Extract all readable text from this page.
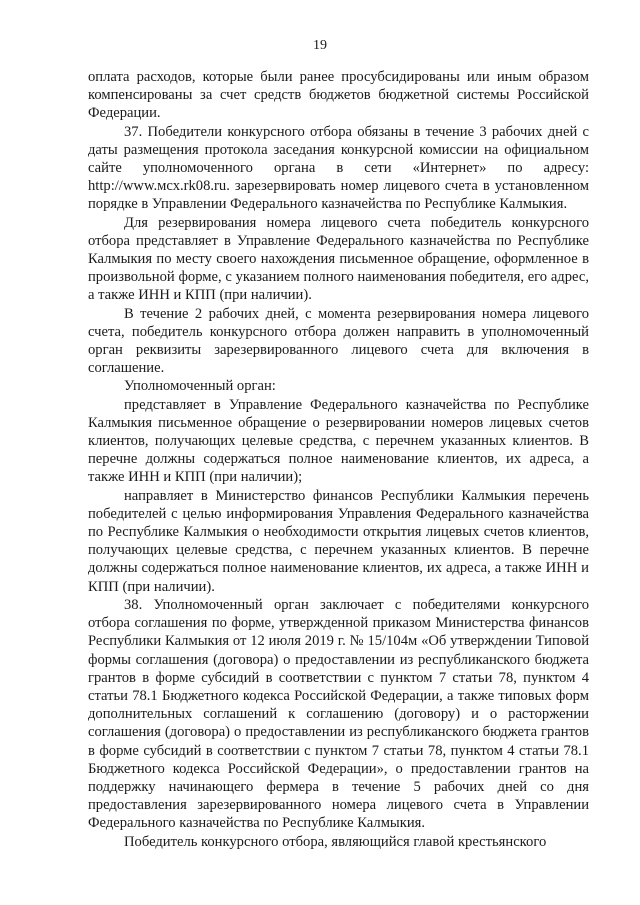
19

оплата расходов, которые были ранее просубсидированы или иным образом компенсированы за счет средств бюджетов бюджетной системы Российской Федерации.

37. Победители конкурсного отбора обязаны в течение 3 рабочих дней с даты размещения протокола заседания конкурсной комиссии на официальном сайте уполномоченного органа в сети «Интернет» по адресу: http://www.мсх.rk08.ru. зарезервировать номер лицевого счета в установленном порядке в Управлении Федерального казначейства по Республике Калмыкия.

Для резервирования номера лицевого счета победитель конкурсного отбора представляет в Управление Федерального казначейства по Республике Калмыкия по месту своего нахождения письменное обращение, оформленное в произвольной форме, с указанием полного наименования победителя, его адрес, а также ИНН и КПП (при наличии).

В течение 2 рабочих дней, с момента резервирования номера лицевого счета, победитель конкурсного отбора должен направить в уполномоченный орган реквизиты зарезервированного лицевого счета для включения в соглашение.

Уполномоченный орган:

представляет в Управление Федерального казначейства по Республике Калмыкия письменное обращение о резервировании номеров лицевых счетов клиентов, получающих целевые средства, с перечнем указанных клиентов. В перечне должны содержаться полное наименование клиентов, их адреса, а также ИНН и КПП (при наличии);

направляет в Министерство финансов Республики Калмыкия перечень победителей с целью информирования Управления Федерального казначейства по Республике Калмыкия о необходимости открытия лицевых счетов клиентов, получающих целевые средства, с перечнем указанных клиентов. В перечне должны содержаться полное наименование клиентов, их адреса, а также ИНН и КПП (при наличии).

38. Уполномоченный орган заключает с победителями конкурсного отбора соглашения по форме, утвержденной приказом Министерства финансов Республики Калмыкия от 12 июля 2019 г. № 15/104м «Об утверждении Типовой формы соглашения (договора) о предоставлении из республиканского бюджета грантов в форме субсидий в соответствии с пунктом 7 статьи 78, пунктом 4 статьи 78.1 Бюджетного кодекса Российской Федерации, а также типовых форм дополнительных соглашений к соглашению (договору) и о расторжении соглашения (договора) о предоставлении из республиканского бюджета грантов в форме субсидий в соответствии с пунктом 7 статьи 78, пунктом 4 статьи 78.1 Бюджетного кодекса Российской Федерации», о предоставлении грантов на поддержку начинающего фермера в течение 5 рабочих дней со дня предоставления зарезервированного номера лицевого счета в Управлении Федерального казначейства по Республике Калмыкия.

Победитель конкурсного отбора, являющийся главой крестьянского
